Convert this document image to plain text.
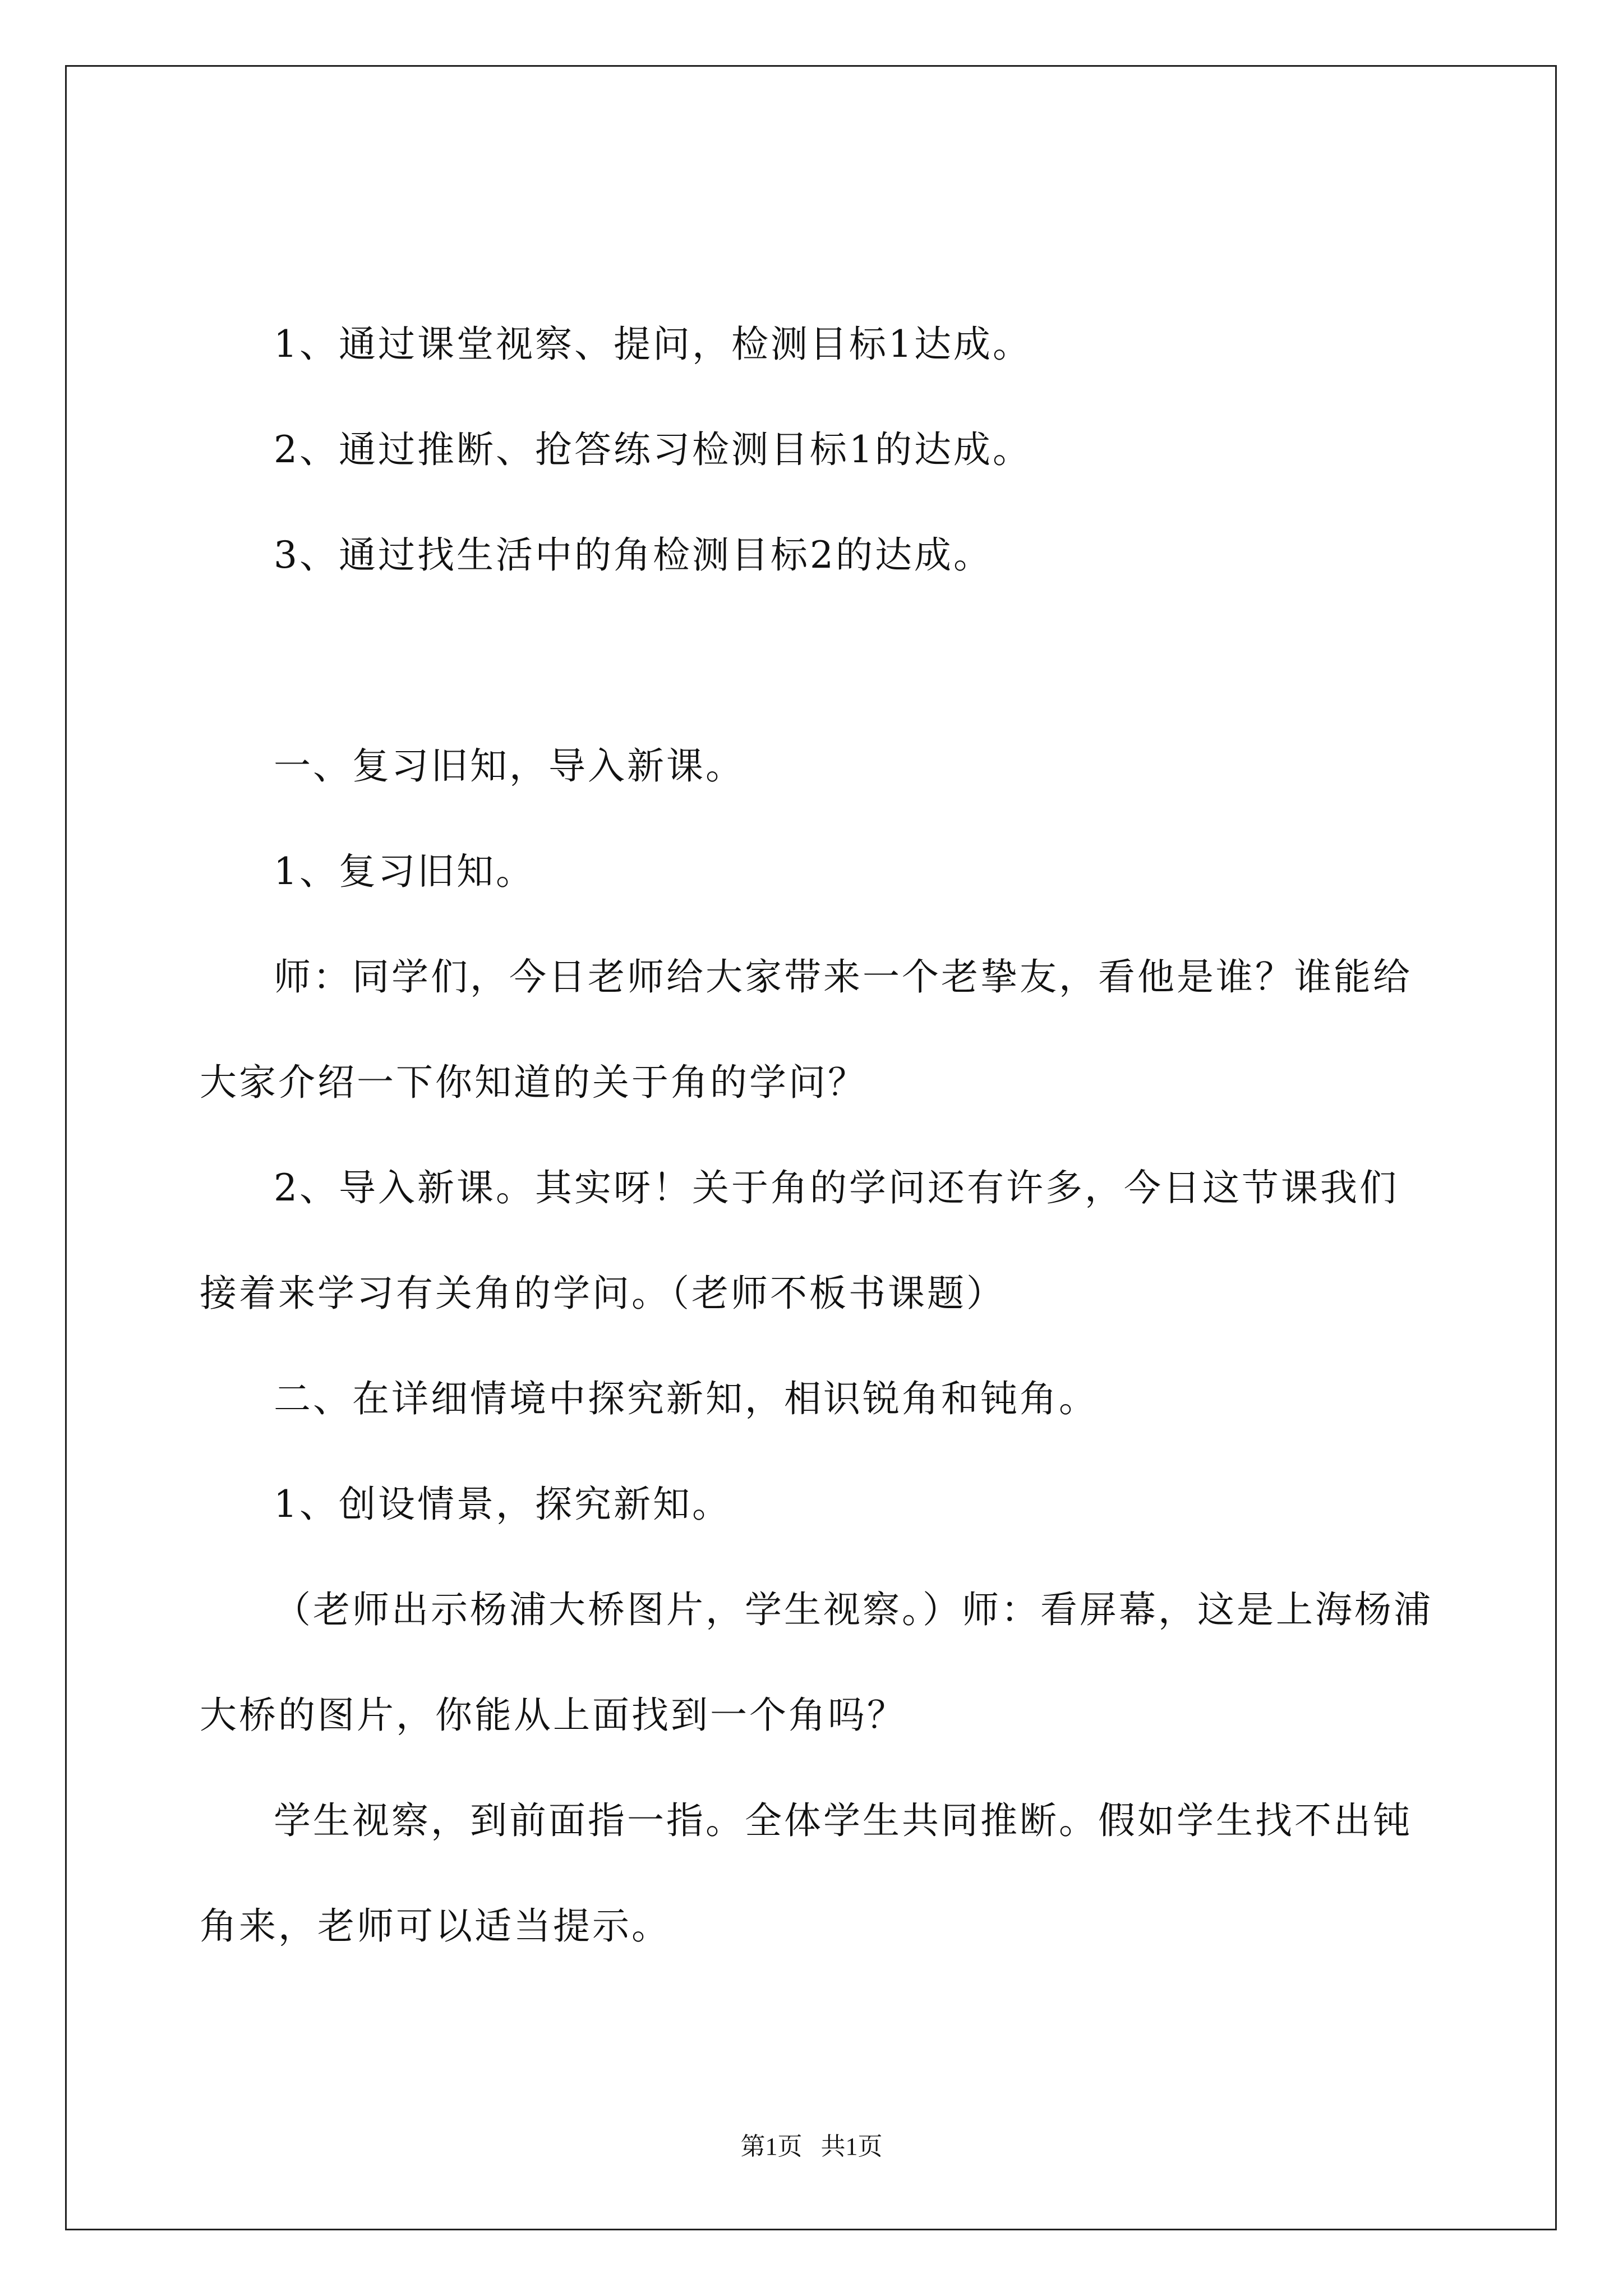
1、通过课堂视察、提问，检测目标1达成。

2、通过推断、抢答练习检测目标1的达成。

3、通过找生活中的角检测目标2的达成。

一、复习旧知，导入新课。

1、复习旧知。

师：同学们，今日老师给大家带来一个老挚友，看他是谁？谁能给大家介绍一下你知道的关于角的学问？

2、导入新课。其实呀！关于角的学问还有许多，今日这节课我们接着来学习有关角的学问。（老师不板书课题）

二、在详细情境中探究新知，相识锐角和钝角。

1、创设情景，探究新知。

（老师出示杨浦大桥图片，学生视察。）师：看屏幕，这是上海杨浦大桥的图片，你能从上面找到一个角吗？

学生视察，到前面指一指。全体学生共同推断。假如学生找不出钝角来，老师可以适当提示。

第1页 共1页
